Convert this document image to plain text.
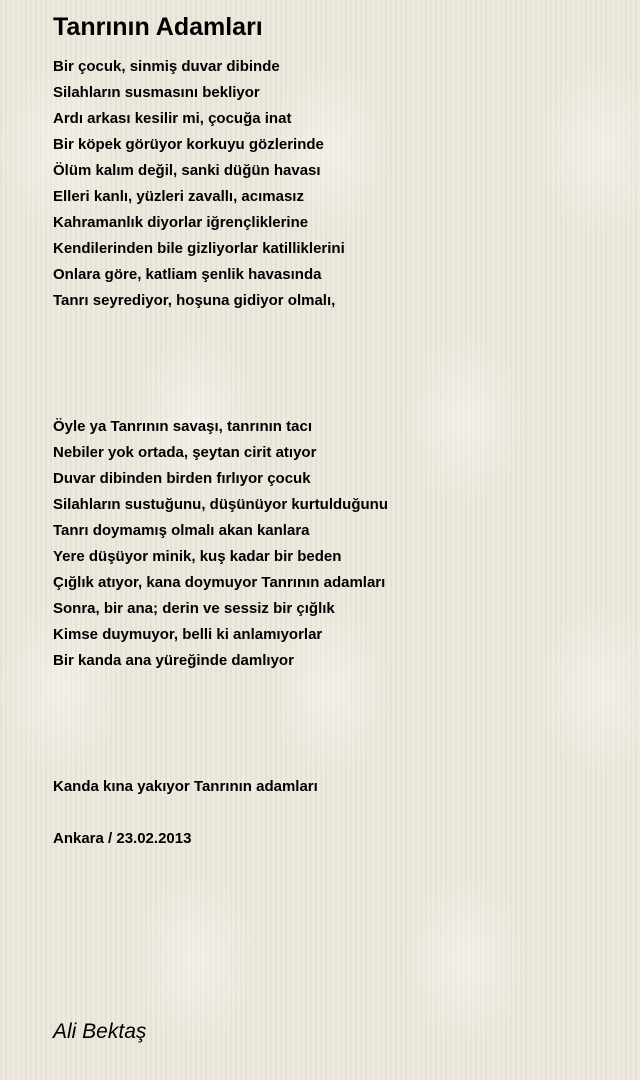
Tanrının Adamları
Bir çocuk, sinmiş duvar dibinde
Silahların susmasını bekliyor
Ardı arkası kesilir mi, çocuğa inat
Bir köpek görüyor korkuyu gözlerinde
Ölüm kalım değil, sanki düğün havası
Elleri kanlı, yüzleri zavallı, acımasız
Kahramanlık diyorlar iğrençliklerine
Kendilerinden bile gizliyorlar katilliklerini
Onlara göre, katliam şenlik havasında
Tanrı seyrediyor, hoşuna gidiyor olmalı,
Öyle ya Tanrının savaşı, tanrının tacı
Nebiler yok ortada, şeytan cirit atıyor
Duvar dibinden birden fırlıyor çocuk
Silahların sustuğunu, düşünüyor kurtulduğunu
Tanrı doymamış olmalı akan kanlara
Yere düşüyor minik, kuş kadar bir beden
Çığlık atıyor, kana doymuyor Tanrının adamları
Sonra, bir ana; derin ve sessiz bir çığlık
Kimse duymuyor, belli ki anlamıyorlar
Bir kanda ana yüreğinde damlıyor
Kanda kına yakıyor Tanrının adamları
Ankara / 23.02.2013
Ali Bektaş
